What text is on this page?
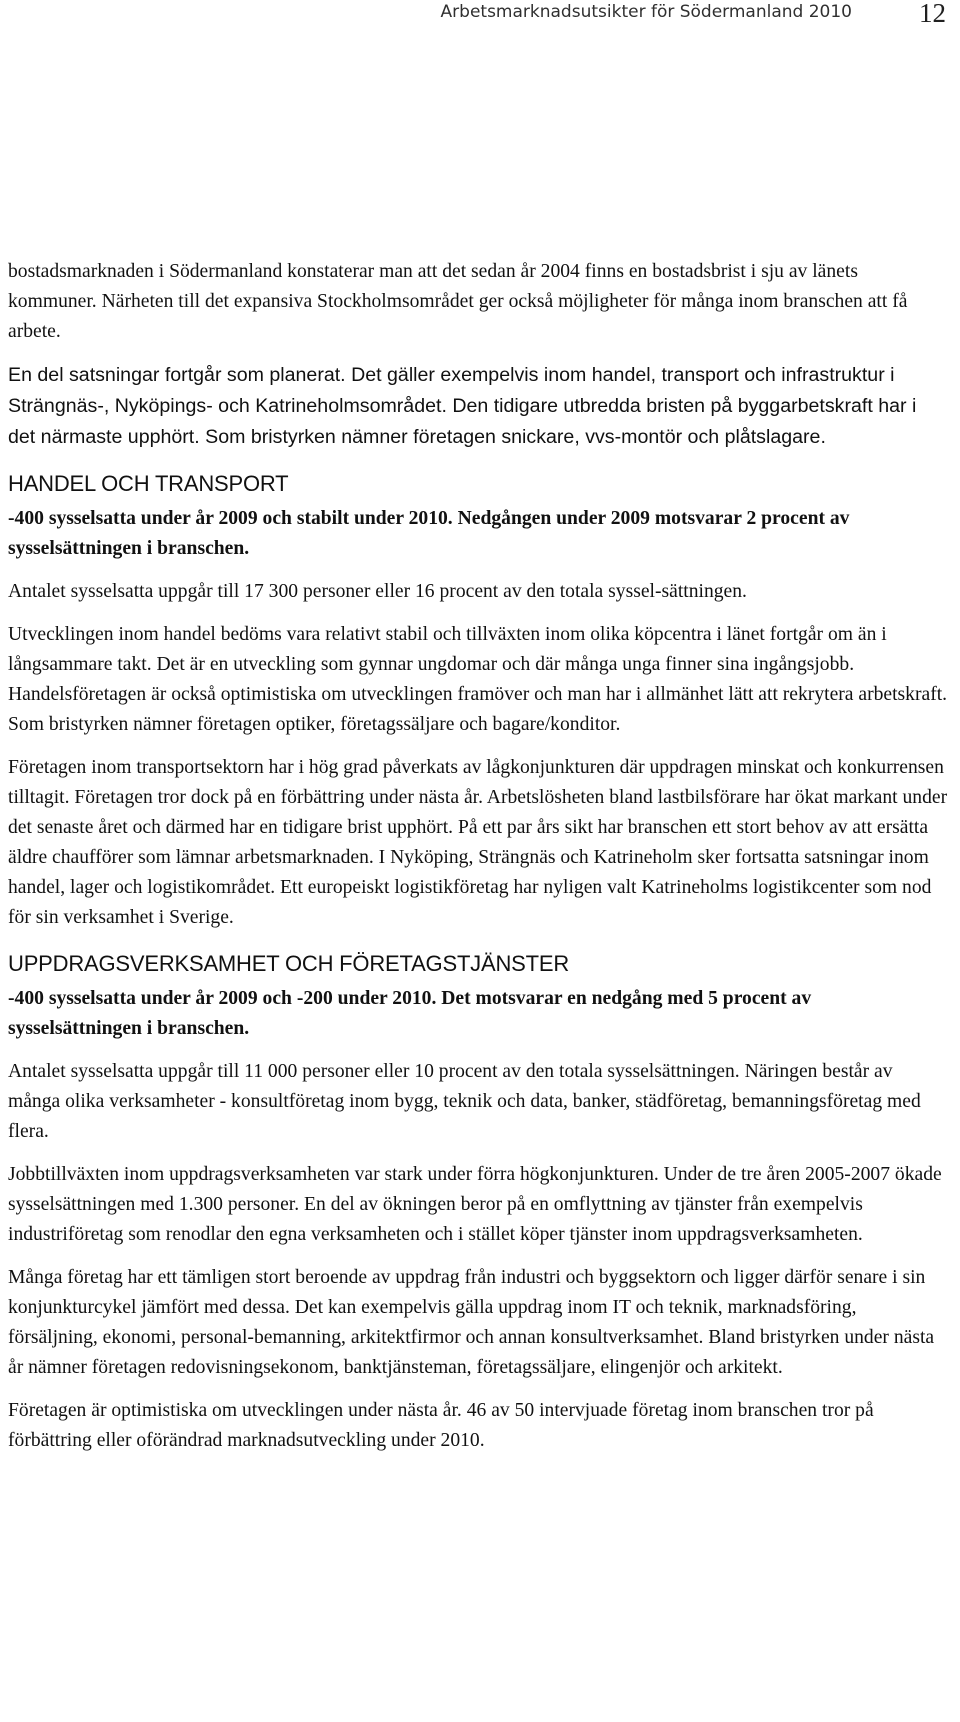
Arbetsmarknadsutsikter för Södermanland 2010 12

bostadsmarknaden i Södermanland konstaterar man att det sedan år 2004 finns en bostadsbrist i sju av länets kommuner. Närheten till det expansiva Stockholmsområdet ger också möjligheter för många inom branschen att få arbete.

En del satsningar fortgår som planerat. Det gäller exempelvis inom handel, transport och infrastruktur i Strängnäs-, Nyköpings- och Katrineholmsområdet. Den tidigare utbredda bristen på byggarbetskraft har i det närmaste upphört. Som bristyrken nämner företagen snickare, vvs-montör och plåtslagare.

HANDEL OCH TRANSPORT

-400 sysselsatta under år 2009 och stabilt under 2010. Nedgången under 2009 motsvarar 2 procent av sysselsättningen i branschen.

Antalet sysselsatta uppgår till 17 300 personer eller 16 procent av den totala syssel-sättningen.

Utvecklingen inom handel bedöms vara relativt stabil och tillväxten inom olika köpcentra i länet fortgår om än i långsammare takt. Det är en utveckling som gynnar ungdomar och där många unga finner sina ingångsjobb. Handelsföretagen är också optimistiska om utvecklingen framöver och man har i allmänhet lätt att rekrytera arbetskraft. Som bristyrken nämner företagen optiker, företagssäljare och bagare/konditor.

Företagen inom transportsektorn har i hög grad påverkats av lågkonjunkturen där uppdragen minskat och konkurrensen tilltagit. Företagen tror dock på en förbättring under nästa år. Arbetslösheten bland lastbilsförare har ökat markant under det senaste året och därmed har en tidigare brist upphört. På ett par års sikt har branschen ett stort behov av att ersätta äldre chaufförer som lämnar arbetsmarknaden. I Nyköping, Strängnäs och Katrineholm sker fortsatta satsningar inom handel, lager och logistikområdet. Ett europeiskt logistikföretag har nyligen valt Katrineholms logistikcenter som nod för sin verksamhet i Sverige.

UPPDRAGSVERKSAMHET OCH FÖRETAGSTJÄNSTER

-400 sysselsatta under år 2009 och -200 under 2010. Det motsvarar en nedgång med 5 procent av sysselsättningen i branschen.

Antalet sysselsatta uppgår till 11 000 personer eller 10 procent av den totala sysselsättningen. Näringen består av många olika verksamheter - konsultföretag inom bygg, teknik och data, banker, städföretag, bemanningsföretag med flera.

Jobbtillväxten inom uppdragsverksamheten var stark under förra högkonjunkturen. Under de tre åren 2005-2007 ökade sysselsättningen med 1.300 personer. En del av ökningen beror på en omflyttning av tjänster från exempelvis industriföretag som renodlar den egna verksamheten och i stället köper tjänster inom uppdragsverksamheten.

Många företag har ett tämligen stort beroende av uppdrag från industri och byggsektorn och ligger därför senare i sin konjunkturcykel jämfört med dessa. Det kan exempelvis gälla uppdrag inom IT och teknik, marknadsföring, försäljning, ekonomi, personal-bemanning, arkitektfirmor och annan konsultverksamhet. Bland bristyrken under nästa år nämner företagen redovisningsekonom, banktjänsteman, företagssäljare, elingenjör och arkitekt.

Företagen är optimistiska om utvecklingen under nästa år. 46 av 50 intervjuade företag inom branschen tror på förbättring eller oförändrad marknadsutveckling under 2010.
